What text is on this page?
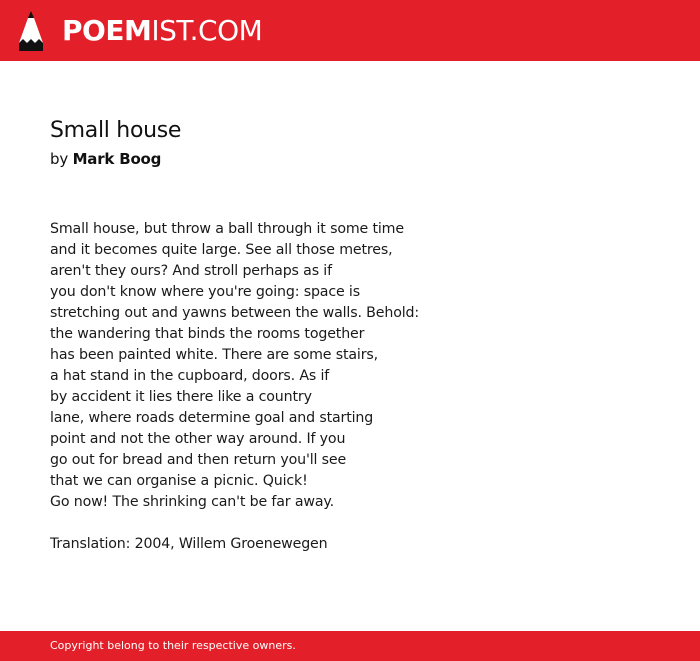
POEMIST.COM
Small house
by Mark Boog
Small house, but throw a ball through it some time
and it becomes quite large. See all those metres,
aren't they ours? And stroll perhaps as if
you don't know where you're going: space is
stretching out and yawns between the walls. Behold:
the wandering that binds the rooms together
has been painted white. There are some stairs,
a hat stand in the cupboard, doors. As if
by accident it lies there like a country
lane, where roads determine goal and starting
point and not the other way around. If you
go out for bread and then return you'll see
that we can organise a picnic. Quick!
Go now! The shrinking can't be far away.
Translation: 2004, Willem Groenewegen
Copyright belong to their respective owners.
